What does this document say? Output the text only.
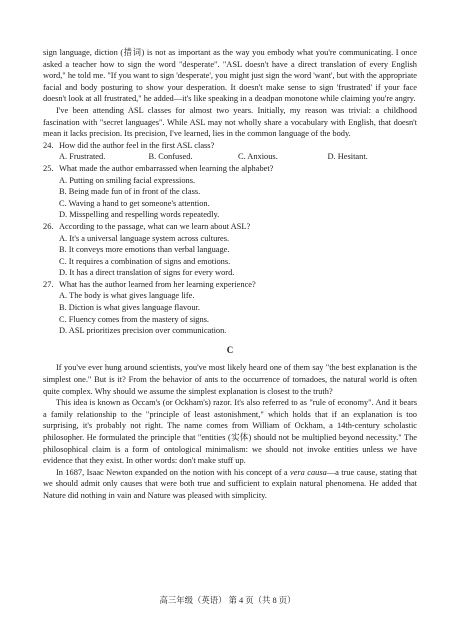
sign language, diction (措词) is not as important as the way you embody what you're communicating. I once asked a teacher how to sign the word "desperate". "ASL doesn't have a direct translation of every English word," he told me. "If you want to sign 'desperate', you might just sign the word 'want', but with the appropriate facial and body posturing to show your desperation. It doesn't make sense to sign 'frustrated' if your face doesn't look at all frustrated," he added—it's like speaking in a deadpan monotone while claiming you're angry.

I've been attending ASL classes for almost two years. Initially, my reason was trivial: a childhood fascination with "secret languages". While ASL may not wholly share a vocabulary with English, that doesn't mean it lacks precision. Its precision, I've learned, lies in the common language of the body.

24. How did the author feel in the first ASL class?

A. Frustrated.	B. Confused.	C. Anxious.	D. Hesitant.

25. What made the author embarrassed when learning the alphabet?

A. Putting on smiling facial expressions.

B. Being made fun of in front of the class.

C. Waving a hand to get someone's attention.

D. Misspelling and respelling words repeatedly.

26. According to the passage, what can we learn about ASL?

A. It's a universal language system across cultures.

B. It conveys more emotions than verbal language.

C. It requires a combination of signs and emotions.

D. It has a direct translation of signs for every word.

27. What has the author learned from her learning experience?

A. The body is what gives language life.

B. Diction is what gives language flavour.

C. Fluency comes from the mastery of signs.

D. ASL prioritizes precision over communication.

C

If you've ever hung around scientists, you've most likely heard one of them say "the best explanation is the simplest one." But is it? From the behavior of ants to the occurrence of tornadoes, the natural world is often quite complex. Why should we assume the simplest explanation is closest to the truth?

This idea is known as Occam's (or Ockham's) razor. It's also referred to as "rule of economy". And it bears a family relationship to the "principle of least astonishment," which holds that if an explanation is too surprising, it's probably not right. The name comes from William of Ockham, a 14th-century scholastic philosopher. He formulated the principle that "entities (实体) should not be multiplied beyond necessity." The philosophical claim is a form of ontological minimalism: we should not invoke entities unless we have evidence that they exist. In other words: don't make stuff up.

In 1687, Isaac Newton expanded on the notion with his concept of a vera causa—a true cause, stating that we should admit only causes that were both true and sufficient to explain natural phenomena. He added that Nature did nothing in vain and Nature was pleased with simplicity.

高三年级（英语） 第 4 页（共 8 页）
